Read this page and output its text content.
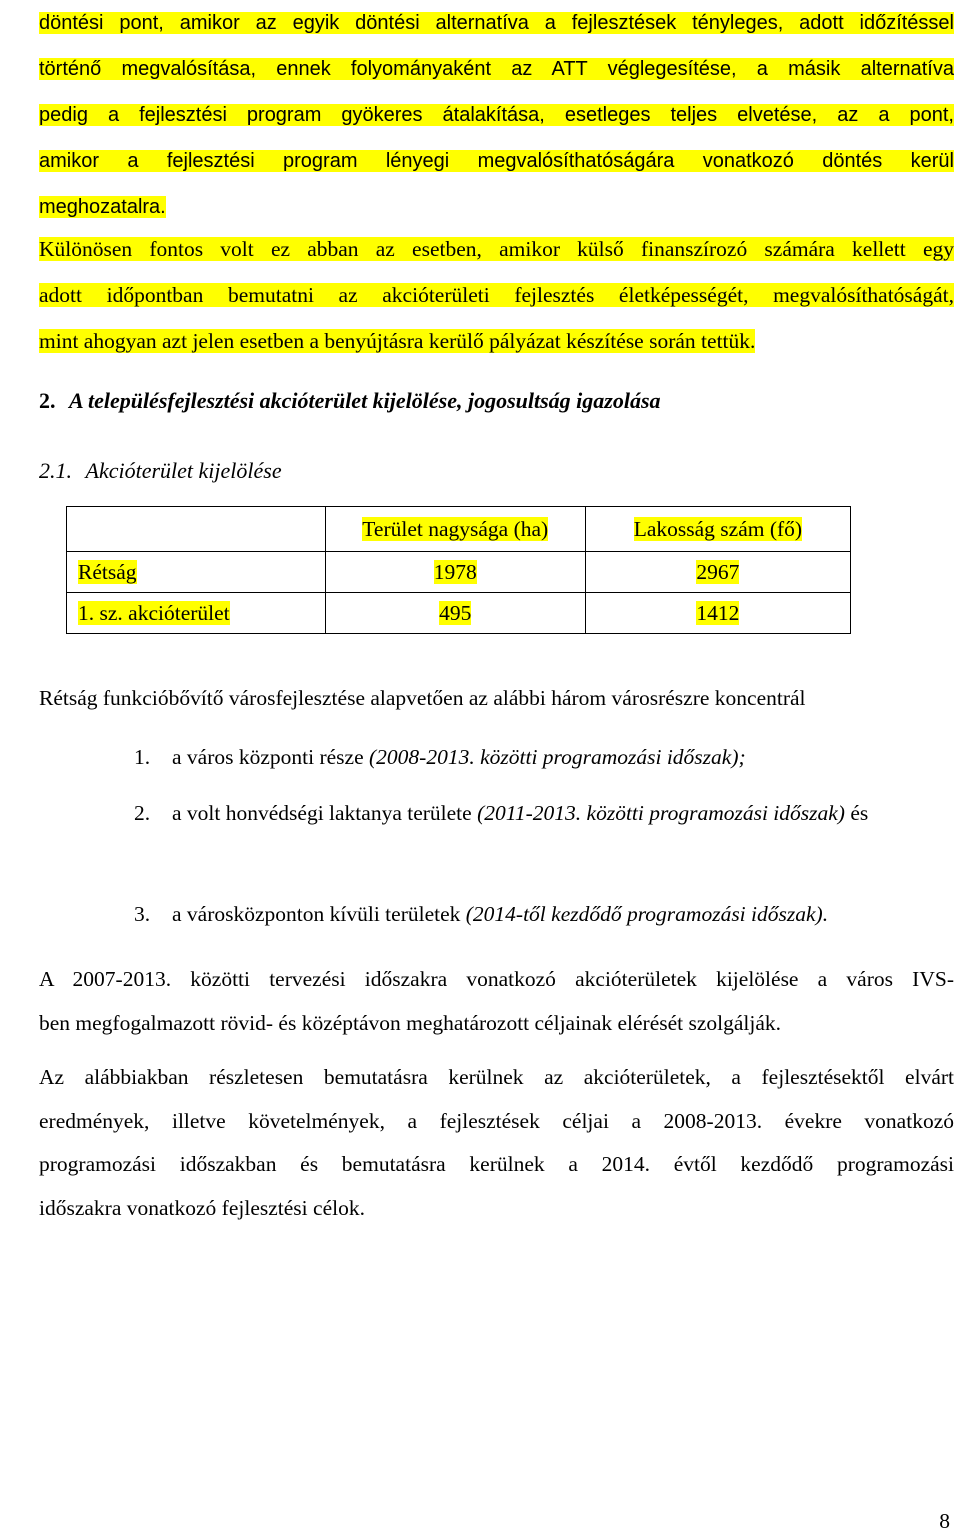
döntési pont, amikor az egyik döntési alternatíva a fejlesztések tényleges, adott időzítéssel
történő megvalósítása, ennek folyományaként az ATT véglegesítése, a másik alternatíva
pedig a fejlesztési program gyökeres átalakítása, esetleges teljes elvetése, az a pont,
amikor a fejlesztési program lényegi megvalósíthatóságára vonatkozó döntés kerül
meghozatalra.
Különösen fontos volt ez abban az esetben, amikor külső finanszírozó számára kellett egy
adott időpontban bemutatni az akcióterületi fejlesztés életképességét, megvalósíthatóságát,
mint ahogyan azt jelen esetben a benyújtásra kerülő pályázat készítése során tettük.
2. A településfejlesztési akcióterület kijelölése, jogosultság igazolása
2.1. Akcióterület kijelölése
	Terület nagysága (ha)	Lakosság szám (fő)
Rétság	1978	2967
1. sz. akcióterület	495	1412

Rétság funkcióbővítő városfejlesztése alapvetően az alábbi három városrészre koncentrál

1. a város központi része (2008-2013. közötti programozási időszak);
2. a volt honvédségi laktanya területe (2011-2013. közötti programozási időszak) és
3. a városközponton kívüli területek (2014-től kezdődő programozási időszak).
A 2007-2013. közötti tervezési időszakra vonatkozó akcióterületek kijelölése a város IVS-
ben megfogalmazott rövid- és középtávon meghatározott céljainak elérését szolgálják.
Az alábbiakban részletesen bemutatásra kerülnek az akcióterületek, a fejlesztésektől elvárt
eredmények, illetve követelmények, a fejlesztések céljai a 2008-2013. évekre vonatkozó
programozási időszakban és bemutatásra kerülnek a 2014. évtől kezdődő programozási
időszakra vonatkozó fejlesztési célok.
8
